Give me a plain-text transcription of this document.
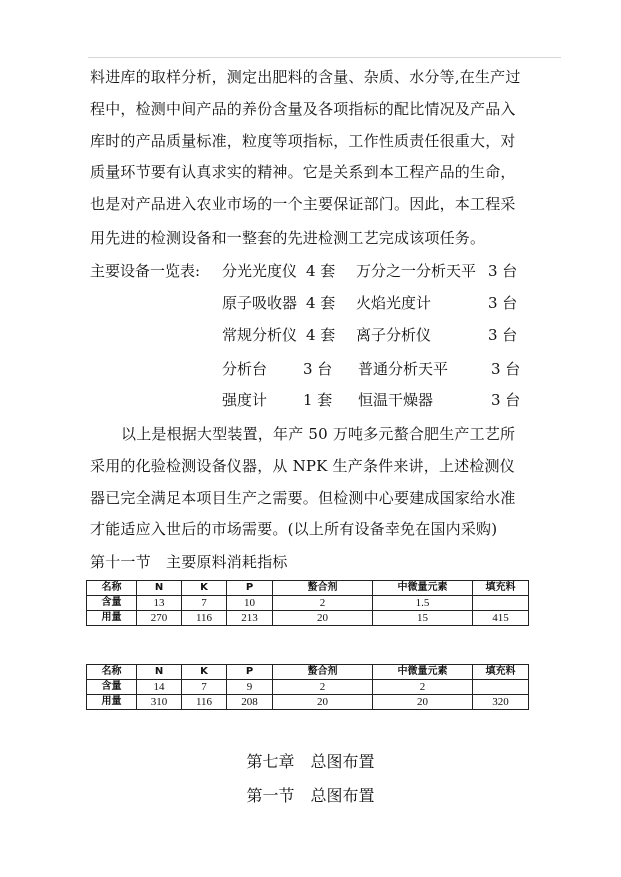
料进库的取样分析，测定出肥料的含量、杂质、水分等,在生产过
程中，检测中间产品的养份含量及各项指标的配比情况及产品入
库时的产品质量标准，粒度等项指标，工作性质责任很重大，对
质量环节要有认真求实的精神。它是关系到本工程产品的生命，
也是对产品进入农业市场的一个主要保证部门。因此，本工程采
用先进的检测设备和一整套的先进检测工艺完成该项任务。
主要设备一览表: 分光光度仪 4 套 万分之一分析天平 3 台
原子吸收器 4 套 火焰光度计	3 台
常规分析仪 4 套 离子分析仪	3 台
分析台 3 台 普通分析天平	3 台
强度计 1 套 恒温干燥器	3 台
以上是根据大型装置，年产 50 万吨多元螯合肥生产工艺所
采用的化验检测设备仪器，从 NPK 生产条件来讲，上述检测仪
器已完全满足本项目生产之需要。但检测中心要建成国家给水准
才能适应入世后的市场需要。(以上所有设备幸免在国内采购)
第十一节　主要原料消耗指标
名称	N	K	P	螯合剂	中微量元素	填充料
含量	13	7	10	2	1.5	
用量	270	116	213	20	15	415
名称	N	K	P	螯合剂	中微量元素	填充料
含量	14	7	9	2	2	
用量	310	116	208	20	20	320
第七章　总图布置
第一节　总图布置
